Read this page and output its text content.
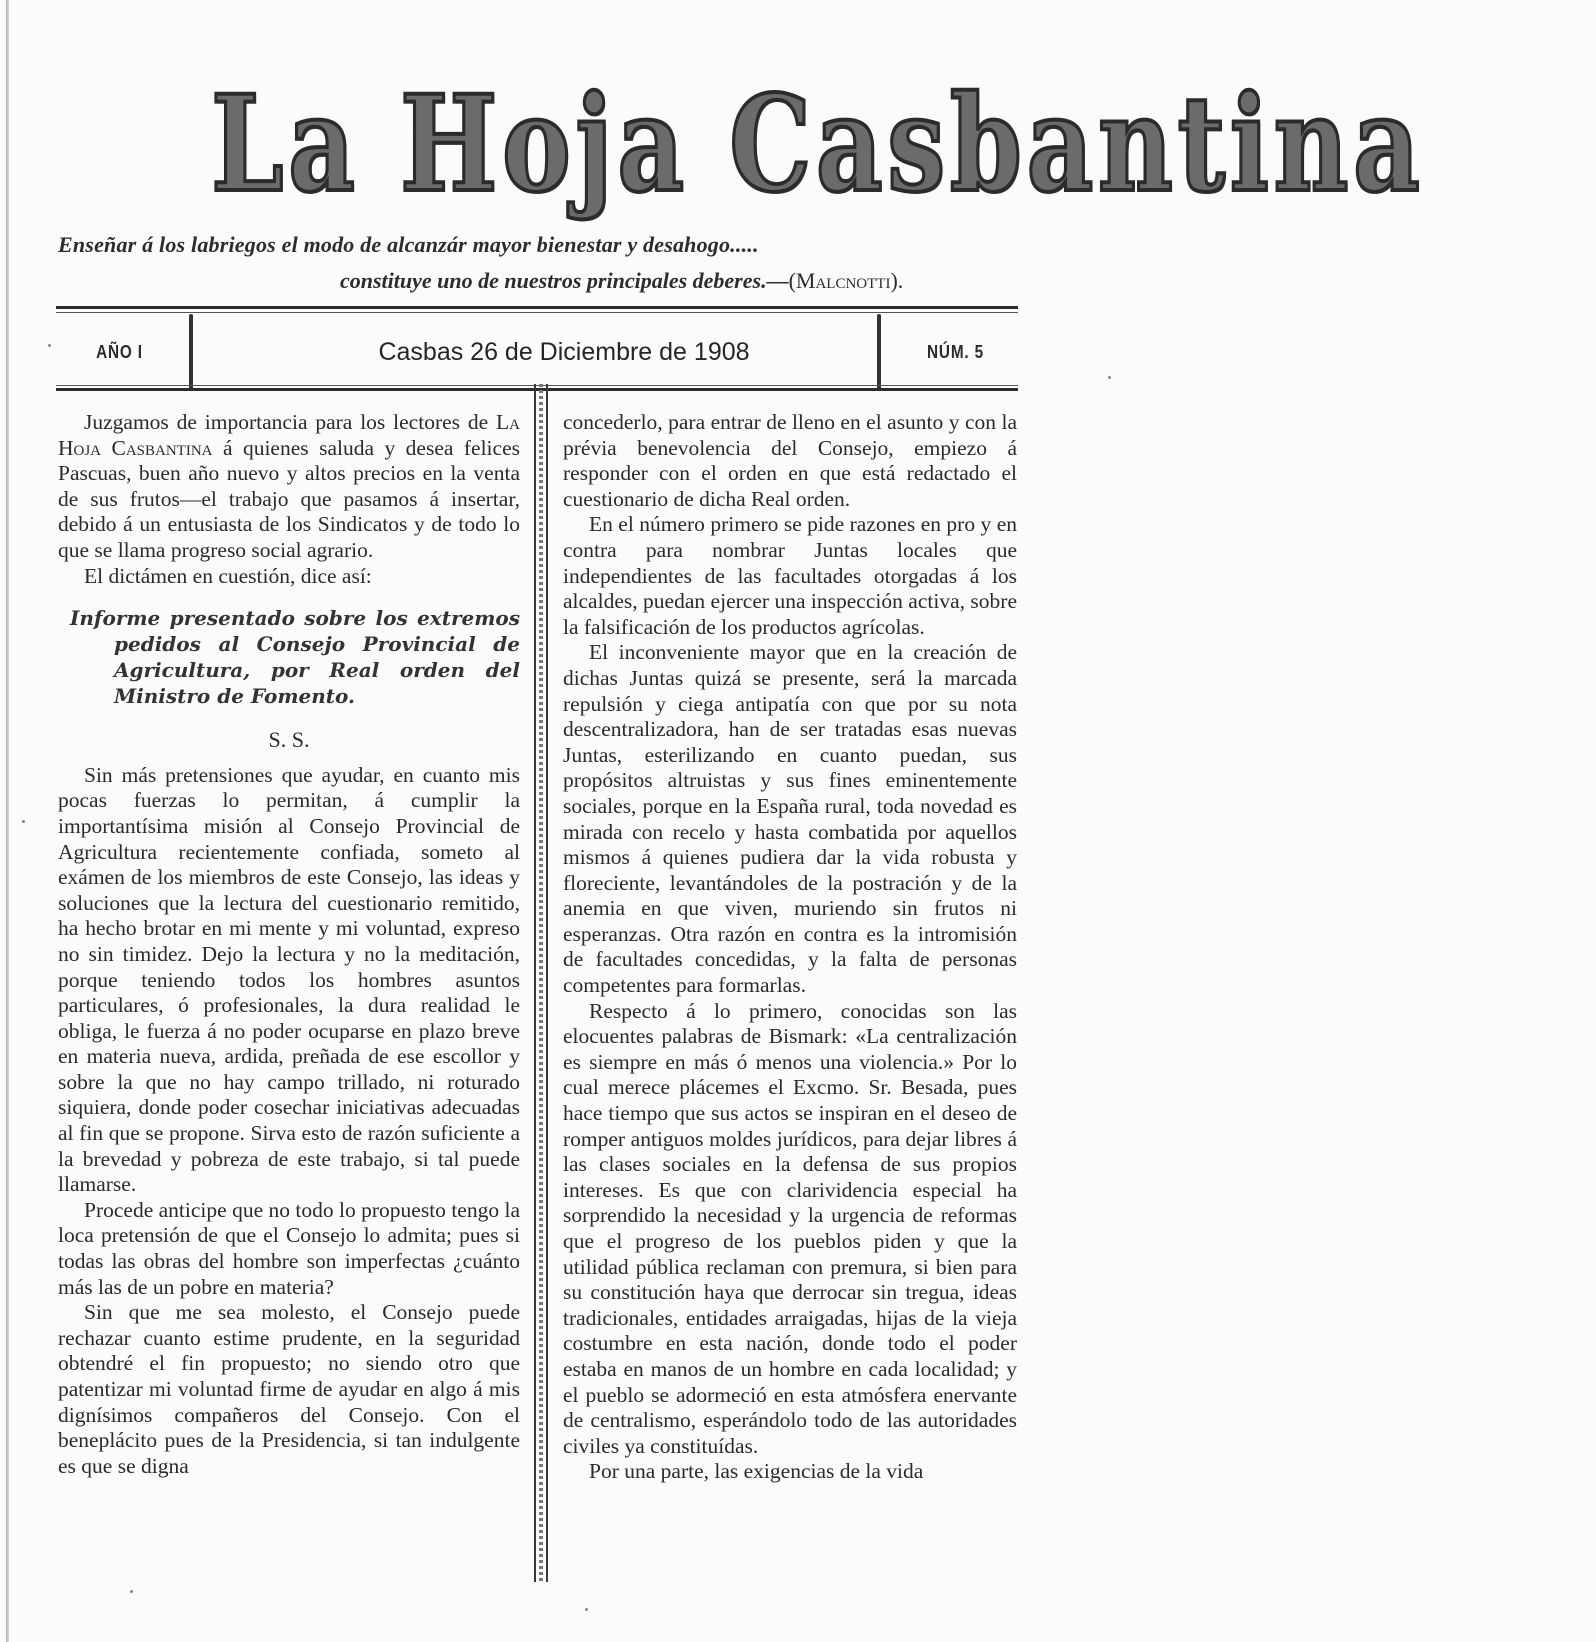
La Hoja Casbantina
Enseñar á los labriegos el modo de alcanzár mayor bienestar y desahogo.....
constituye uno de nuestros principales deberes.—(Malcnotti).
AÑO I	Casbas 26 de Diciembre de 1908	NÚM. 5

Juzgamos de importancia para los lectores de La Hoja Casbantina á quienes saluda y desea felices Pascuas, buen año nuevo y altos precios en la venta de sus frutos—el trabajo que pasamos á insertar, debido á un entusiasta de los Sindicatos y de todo lo que se llama progreso social agrario.

El dictámen en cuestión, dice así:

Informe presentado sobre los extremos pedidos al Consejo Provincial de Agricultura, por Real orden del Ministro de Fomento.

S. S.

Sin más pretensiones que ayudar, en cuanto mis pocas fuerzas lo permitan, á cumplir la importantísima misión al Consejo Provincial de Agricultura recientemente confiada, someto al exámen de los miembros de este Consejo, las ideas y soluciones que la lectura del cuestionario remitido, ha hecho brotar en mi mente y mi voluntad, expreso no sin timidez. Dejo la lectura y no la meditación, porque teniendo todos los hombres asuntos particulares, ó profesionales, la dura realidad le obliga, le fuerza á no poder ocuparse en plazo breve en materia nueva, ardida, preñada de ese escollor y sobre la que no hay campo trillado, ni roturado siquiera, donde poder cosechar iniciativas adecuadas al fin que se propone. Sirva esto de razón suficiente a la brevedad y pobreza de este trabajo, si tal puede llamarse.

Procede anticipe que no todo lo propuesto tengo la loca pretensión de que el Consejo lo admita; pues si todas las obras del hombre son imperfectas ¿cuánto más las de un pobre en materia?

Sin que me sea molesto, el Consejo puede rechazar cuanto estime prudente, en la seguridad obtendré el fin propuesto; no siendo otro que patentizar mi voluntad firme de ayudar en algo á mis dignísimos compañeros del Consejo. Con el beneplácito pues de la Presidencia, si tan indulgente es que se digna

concederlo, para entrar de lleno en el asunto y con la prévia benevolencia del Consejo, empiezo á responder con el orden en que está redactado el cuestionario de dicha Real orden.

En el número primero se pide razones en pro y en contra para nombrar Juntas locales que independientes de las facultades otorgadas á los alcaldes, puedan ejercer una inspección activa, sobre la falsificación de los productos agrícolas.

El inconveniente mayor que en la creación de dichas Juntas quizá se presente, será la marcada repulsión y ciega antipatía con que por su nota descentralizadora, han de ser tratadas esas nuevas Juntas, esterilizando en cuanto puedan, sus propósitos altruistas y sus fines eminentemente sociales, porque en la España rural, toda novedad es mirada con recelo y hasta combatida por aquellos mismos á quienes pudiera dar la vida robusta y floreciente, levantándoles de la postración y de la anemia en que viven, muriendo sin frutos ni esperanzas. Otra razón en contra es la intromisión de facultades concedidas, y la falta de personas competentes para formarlas.

Respecto á lo primero, conocidas son las elocuentes palabras de Bismark: «La centralización es siempre en más ó menos una violencia.» Por lo cual merece plácemes el Excmo. Sr. Besada, pues hace tiempo que sus actos se inspiran en el deseo de romper antiguos moldes jurídicos, para dejar libres á las clases sociales en la defensa de sus propios intereses. Es que con clarividencia especial ha sorprendido la necesidad y la urgencia de reformas que el progreso de los pueblos piden y que la utilidad pública reclaman con premura, si bien para su constitución haya que derrocar sin tregua, ideas tradicionales, entidades arraigadas, hijas de la vieja costumbre en esta nación, donde todo el poder estaba en manos de un hombre en cada localidad; y el pueblo se adormeció en esta atmósfera enervante de centralismo, esperándolo todo de las autoridades civiles ya constituídas.

Por una parte, las exigencias de la vida
